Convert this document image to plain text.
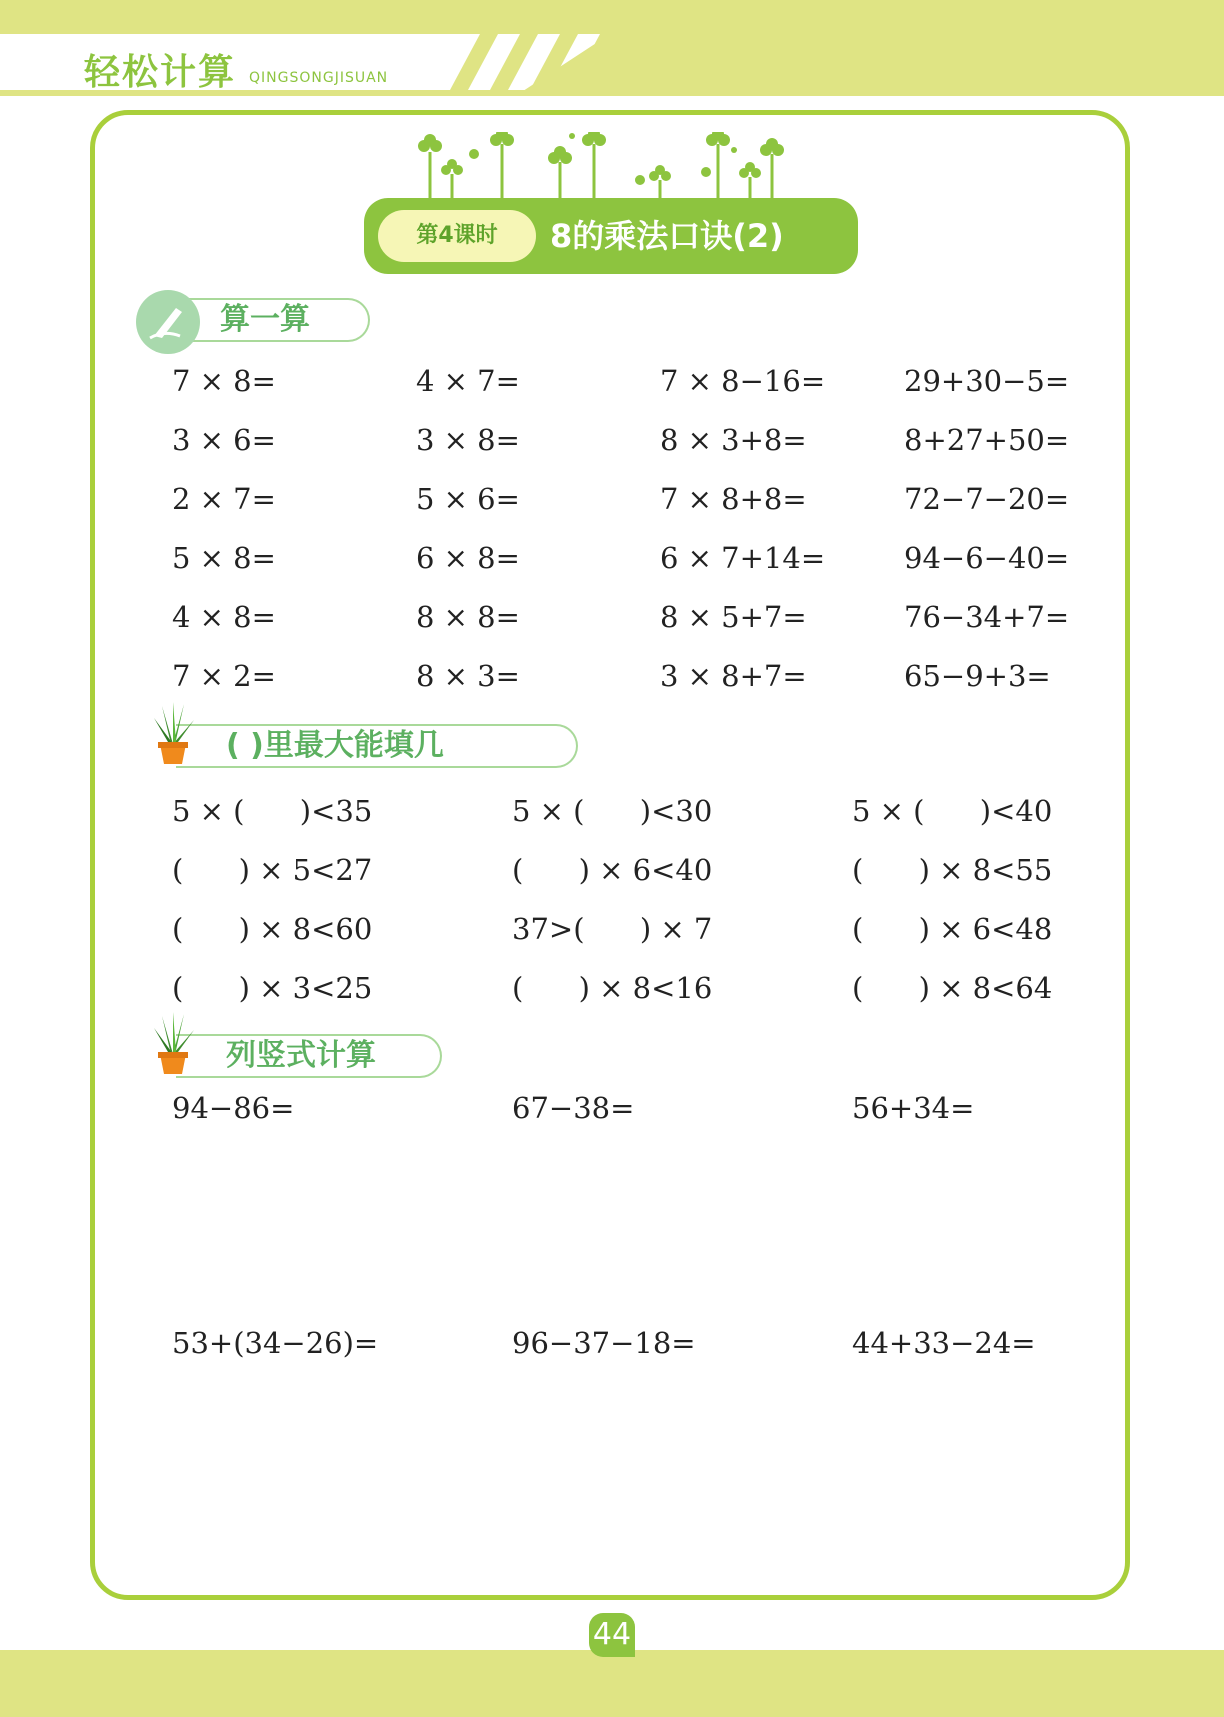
轻松计算 QINGSONGJISUAN
第4课时	8的乘法口诀(2)
算一算
7 × 8=	4 × 7=	7 × 8−16=	29+30−5=
3 × 6=	3 × 8=	8 × 3+8=	8+27+50=
2 × 7=	5 × 6=	7 × 8+8=	72−7−20=
5 × 8=	6 × 8=	6 × 7+14=	94−6−40=
4 × 8=	8 × 8=	8 × 5+7=	76−34+7=
7 × 2=	8 × 3=	3 × 8+7=	65−9+3=
( )里最大能填几
5 × (      )<35	5 × (      )<30	5 × (      )<40
(      ) × 5<27	(      ) × 6<40	(      ) × 8<55
(      ) × 8<60	37>(      ) × 7	(      ) × 6<48
(      ) × 3<25	(      ) × 8<16	(      ) × 8<64
列竖式计算
94−86=	67−38=	56+34=
53+(34−26)=	96−37−18=	44+33−24=
44
